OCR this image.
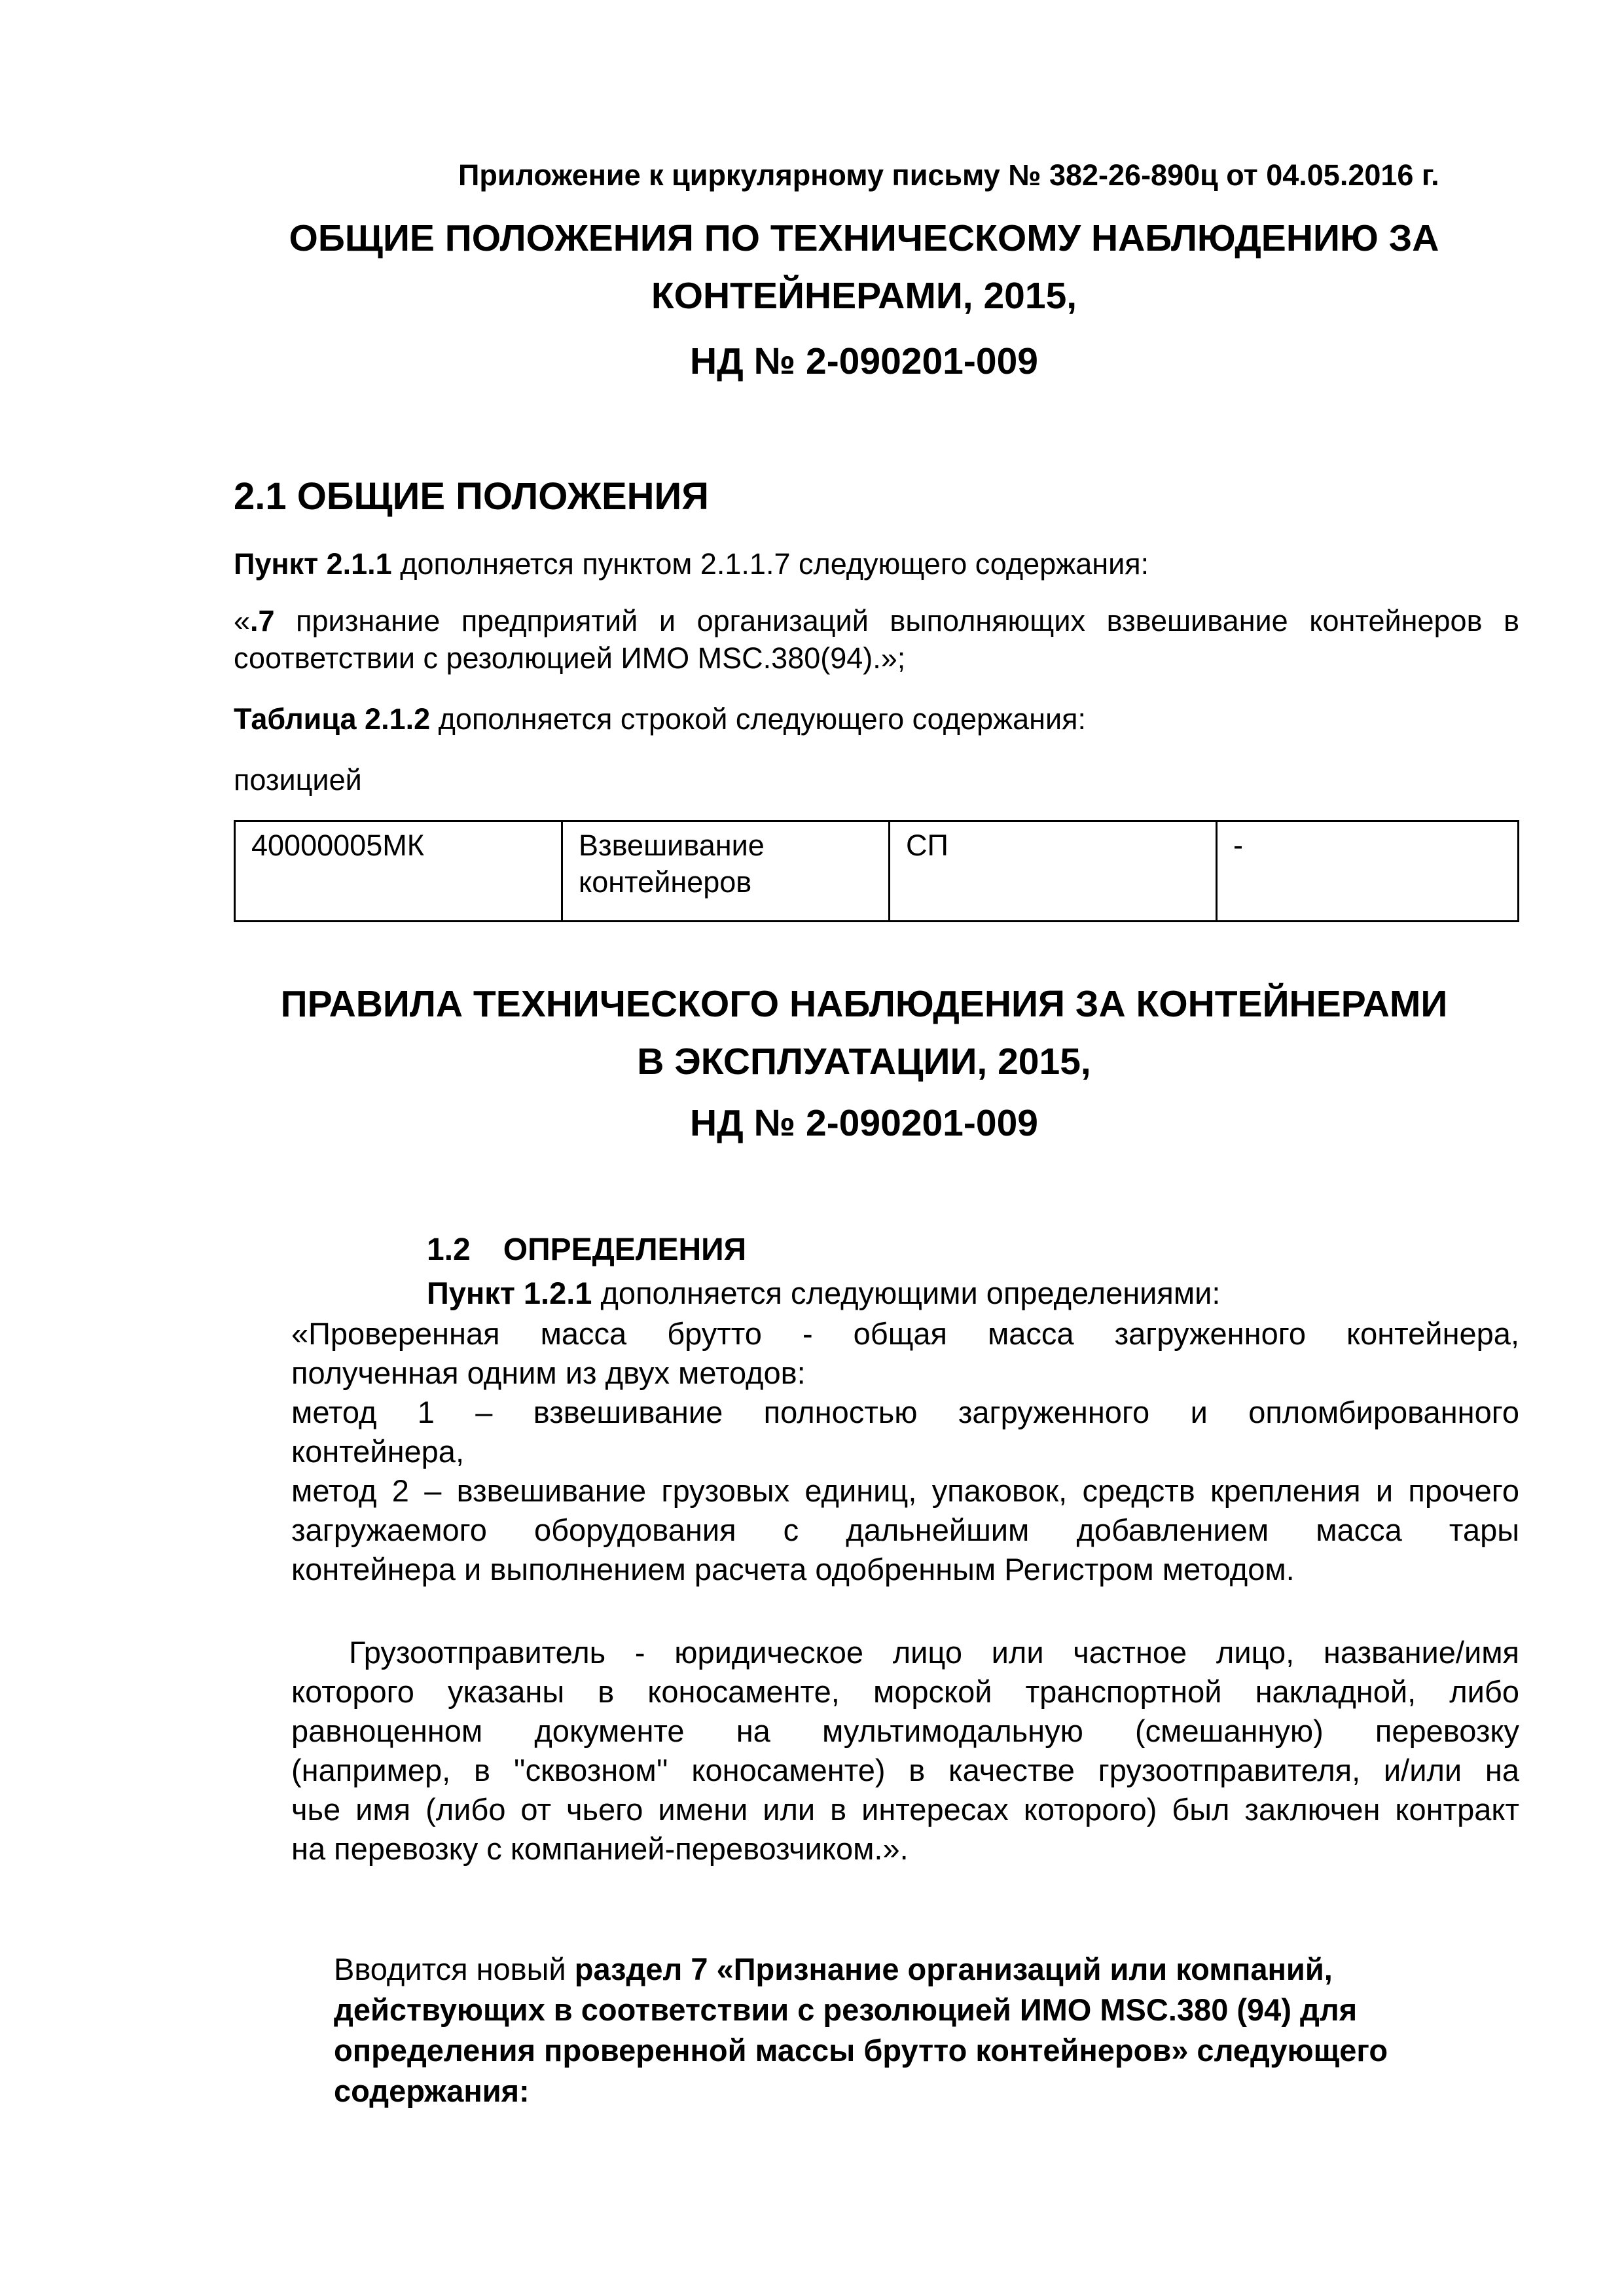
Приложение к циркулярному письму № 382-26-890ц от 04.05.2016 г.
ОБЩИЕ ПОЛОЖЕНИЯ ПО ТЕХНИЧЕСКОМУ НАБЛЮДЕНИЮ ЗА
КОНТЕЙНЕРАМИ, 2015,
НД № 2-090201-009
2.1 ОБЩИЕ ПОЛОЖЕНИЯ
Пункт 2.1.1 дополняется пунктом 2.1.1.7 следующего содержания:
«.7 признание предприятий и организаций выполняющих взвешивание контейнеров в
соответствии с резолюцией ИМО MSC.380(94).»;
Таблица 2.1.2 дополняется строкой следующего содержания:
позицией
40000005МК	Взвешивание контейнеров	СП	-
ПРАВИЛА ТЕХНИЧЕСКОГО НАБЛЮДЕНИЯ ЗА КОНТЕЙНЕРАМИ
В ЭКСПЛУАТАЦИИ, 2015,
НД № 2-090201-009
1.2 ОПРЕДЕЛЕНИЯ
Пункт 1.2.1 дополняется следующими определениями:
«Проверенная масса брутто - общая масса загруженного контейнера,
полученная одним из двух методов:
метод 1 – взвешивание полностью загруженного и опломбированного
контейнера,
метод 2 – взвешивание грузовых единиц, упаковок, средств крепления и прочего
загружаемого оборудования с дальнейшим добавлением масса тары
контейнера и выполнением расчета одобренным Регистром методом.
Грузоотправитель - юридическое лицо или частное лицо, название/имя
которого указаны в коносаменте, морской транспортной накладной, либо
равноценном документе на мультимодальную (смешанную) перевозку
(например, в ''сквозном'' коносаменте) в качестве грузоотправителя, и/или на
чье имя (либо от чьего имени или в интересах которого) был заключен контракт
на перевозку с компанией-перевозчиком.».
Вводится новый раздел 7 «Признание организаций или компаний,
действующих в соответствии с резолюцией ИМО MSC.380 (94) для
определения проверенной массы брутто контейнеров» следующего
содержания:
